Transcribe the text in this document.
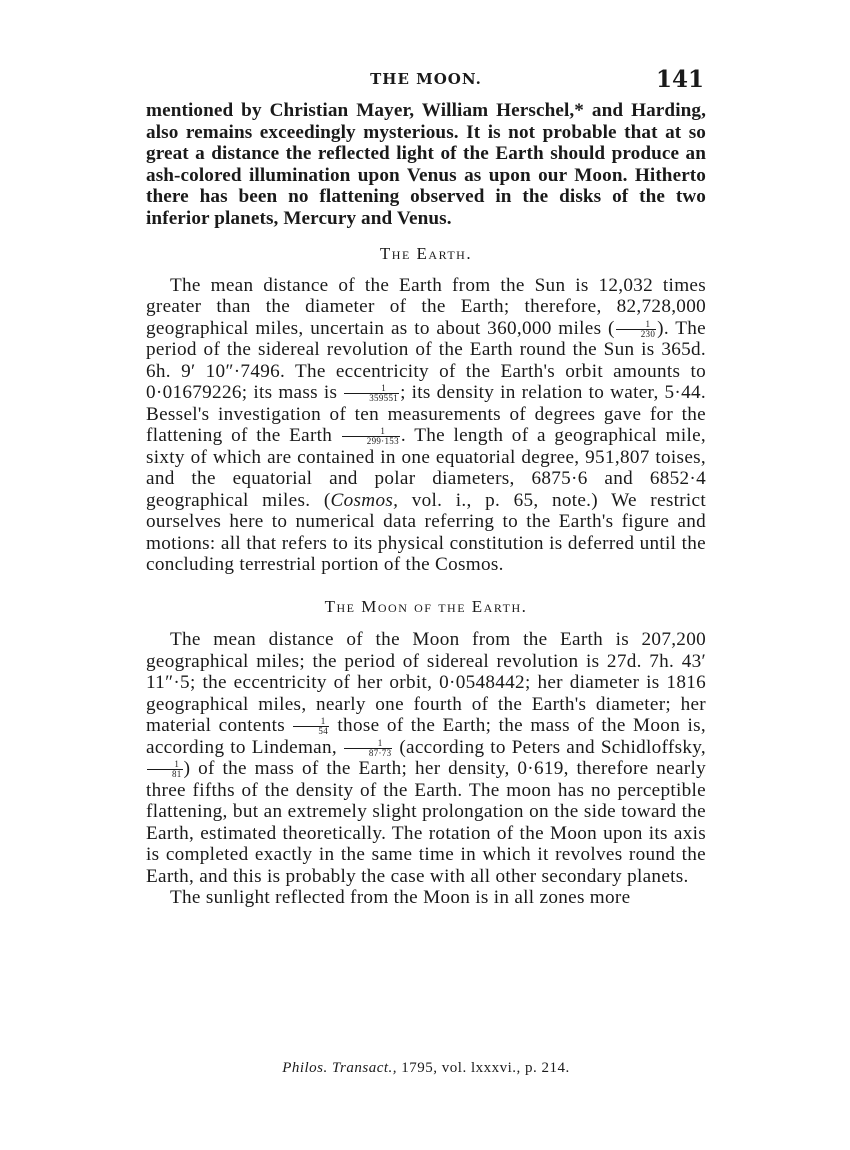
THE MOON.	141

mentioned by Christian Mayer, William Herschel,* and Harding, also remains exceedingly mysterious. It is not probable that at so great a distance the reflected light of the Earth should produce an ash-colored illumination upon Venus as upon our Moon. Hitherto there has been no flattening observed in the disks of the two inferior planets, Mercury and Venus.

The Earth.

The mean distance of the Earth from the Sun is 12,032 times greater than the diameter of the Earth; therefore, 82,728,000 geographical miles, uncertain as to about 360,000 miles ( $\frac{1}{230}$ ). The period of the sidereal revolution of the Earth round the Sun is 365d. 6h. 9′ 10″·7496. The eccentricity of the Earth's orbit amounts to 0·01679226; its mass is $\frac{1}{359551}$ ; its density in relation to water, 5·44. Bessel's investigation of ten measurements of degrees gave for the flattening of the Earth $\frac{1}{299\cdot 153}$ . The length of a geographical mile, sixty of which are contained in one equatorial degree, 951,807 toises, and the equatorial and polar diameters, 6875·6 and 6852·4 geographical miles. (Cosmos, vol. i., p. 65, note.) We restrict ourselves here to numerical data referring to the Earth's figure and motions: all that refers to its physical constitution is deferred until the concluding terrestrial portion of the Cosmos.

The Moon of the Earth.

The mean distance of the Moon from the Earth is 207,200 geographical miles; the period of sidereal revolution is 27d. 7h. 43′ 11″·5; the eccentricity of her orbit, 0·0548442; her diameter is 1816 geographical miles, nearly one fourth of the Earth's diameter; her material contents $\frac{1}{54}$ those of the Earth; the mass of the Moon is, according to Lindeman, $\frac{1}{87\cdot 73}$ (according to Peters and Schidloffsky,
$\frac{1}{81}$ ) of the mass of the Earth; her density, 0·619, therefore nearly three fifths of the density of the Earth. The moon has no perceptible flattening, but an extremely slight prolongation on the side toward the Earth, estimated theoretically. The rotation of the Moon upon its axis is completed exactly in the same time in which it revolves round the Earth, and this is probably the case with all other secondary planets.

The sunlight reflected from the Moon is in all zones more

Philos. Transact., 1795, vol. lxxxvi., p. 214.
